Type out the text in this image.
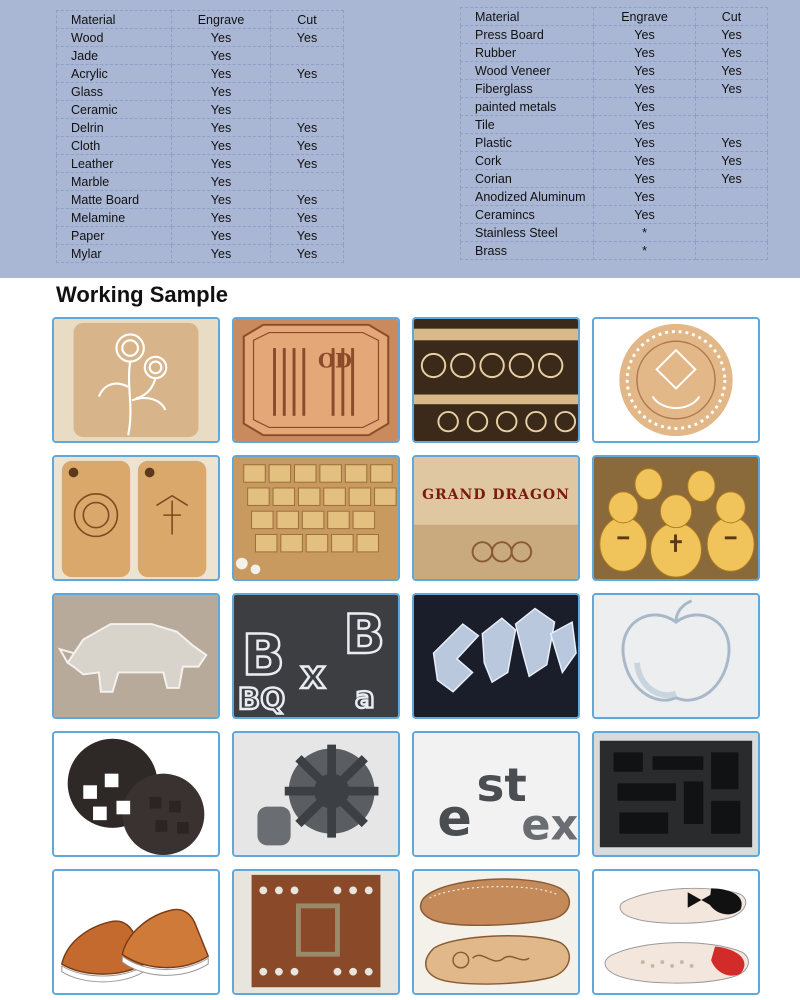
Material	Engrave	Cut
Wood	Yes	Yes
Jade	Yes	
Acrylic	Yes	Yes
Glass	Yes	
Ceramic	Yes	
Delrin	Yes	Yes
Cloth	Yes	Yes
Leather	Yes	Yes
Marble	Yes	
Matte Board	Yes	Yes
Melamine	Yes	Yes
Paper	Yes	Yes
Mylar	Yes	Yes
Material	Engrave	Cut
Press Board	Yes	Yes
Rubber	Yes	Yes
Wood Veneer	Yes	Yes
Fiberglass	Yes	Yes
painted metals	Yes	
Tile	Yes	
Plastic	Yes	Yes
Cork	Yes	Yes
Corian	Yes	Yes
Anodized Aluminum	Yes	
Ceramincs	Yes	
Stainless Steel	*	
Brass	*	
Working Sample
OD
GRAND DRAGON
B x
B
BQ a
e
st
ex
